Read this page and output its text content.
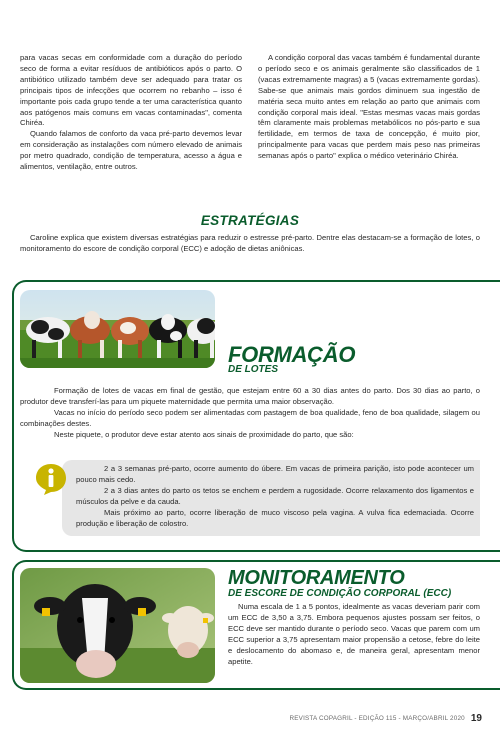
para vacas secas em conformidade com a duração do período seco de forma a evitar resíduos de antibióticos após o parto. O antibiótico utilizado também deve ser adequado para tratar os principais tipos de infecções que ocorrem no rebanho – isso é importante pois cada grupo tende a ter uma característica quanto aos patógenos mais comuns em vacas contaminadas", comenta Chiréa.

Quando falamos de conforto da vaca pré-parto devemos levar em consideração as instalações com número elevado de animais por metro quadrado, condição de temperatura, acesso a água e alimentos, ventilação, entre outros.

A condição corporal das vacas também é fundamental durante o período seco e os animais geralmente são classificados de 1 (vacas extremamente magras) a 5 (vacas extremamente gordas). Sabe-se que animais mais gordos diminuem sua ingestão de matéria seca muito antes em relação ao parto que animais com condição corporal mais ideal. "Estas mesmas vacas mais gordas têm claramente mais problemas metabólicos no pós-parto e sua fertilidade, em termos de taxa de concepção, é muito pior, principalmente para vacas que perdem mais peso nas primeiras semanas após o parto" explica o médico veterinário Chiréa.

ESTRATÉGIAS

Caroline explica que existem diversas estratégias para reduzir o estresse pré-parto. Dentre elas destacam-se a formação de lotes, o monitoramento do escore de condição corporal (ECC) e adoção de dietas aniônicas.

FORMAÇÃO
DE LOTES

Formação de lotes de vacas em final de gestão, que estejam entre 60 a 30 dias antes do parto. Dos 30 dias ao parto, o produtor deve transferí-las para um piquete maternidade que permita uma maior observação.

Vacas no início do período seco podem ser alimentadas com pastagem de boa qualidade, feno de boa qualidade, silagem ou combinações destes.

Neste piquete, o produtor deve estar atento aos sinais de proximidade do parto, que são:

2 a 3 semanas pré-parto, ocorre aumento do úbere. Em vacas de primeira parição, isto pode acontecer um pouco mais cedo.

2 a 3 dias antes do parto os tetos se enchem e perdem a rugosidade. Ocorre relaxamento dos ligamentos e músculos da pelve e da cauda.

Mais próximo ao parto, ocorre liberação de muco viscoso pela vagina. A vulva fica edemaciada. Ocorre produção e liberação de colostro.

MONITORAMENTO
DE ESCORE DE CONDIÇÃO CORPORAL (ECC)

Numa escala de 1 a 5 pontos, idealmente as vacas deveriam parir com um ECC de 3,50 a 3,75. Embora pequenos ajustes possam ser feitos, o ECC deve ser mantido durante o período seco. Vacas que parem com um ECC superior a 3,75 apresentam maior propensão a cetose, febre do leite e deslocamento do abomaso e, de maneira geral, apresentam menor apetite.

REVISTA COPAGRIL - EDIÇÃO 115 - MARÇO/ABRIL 2020 19
